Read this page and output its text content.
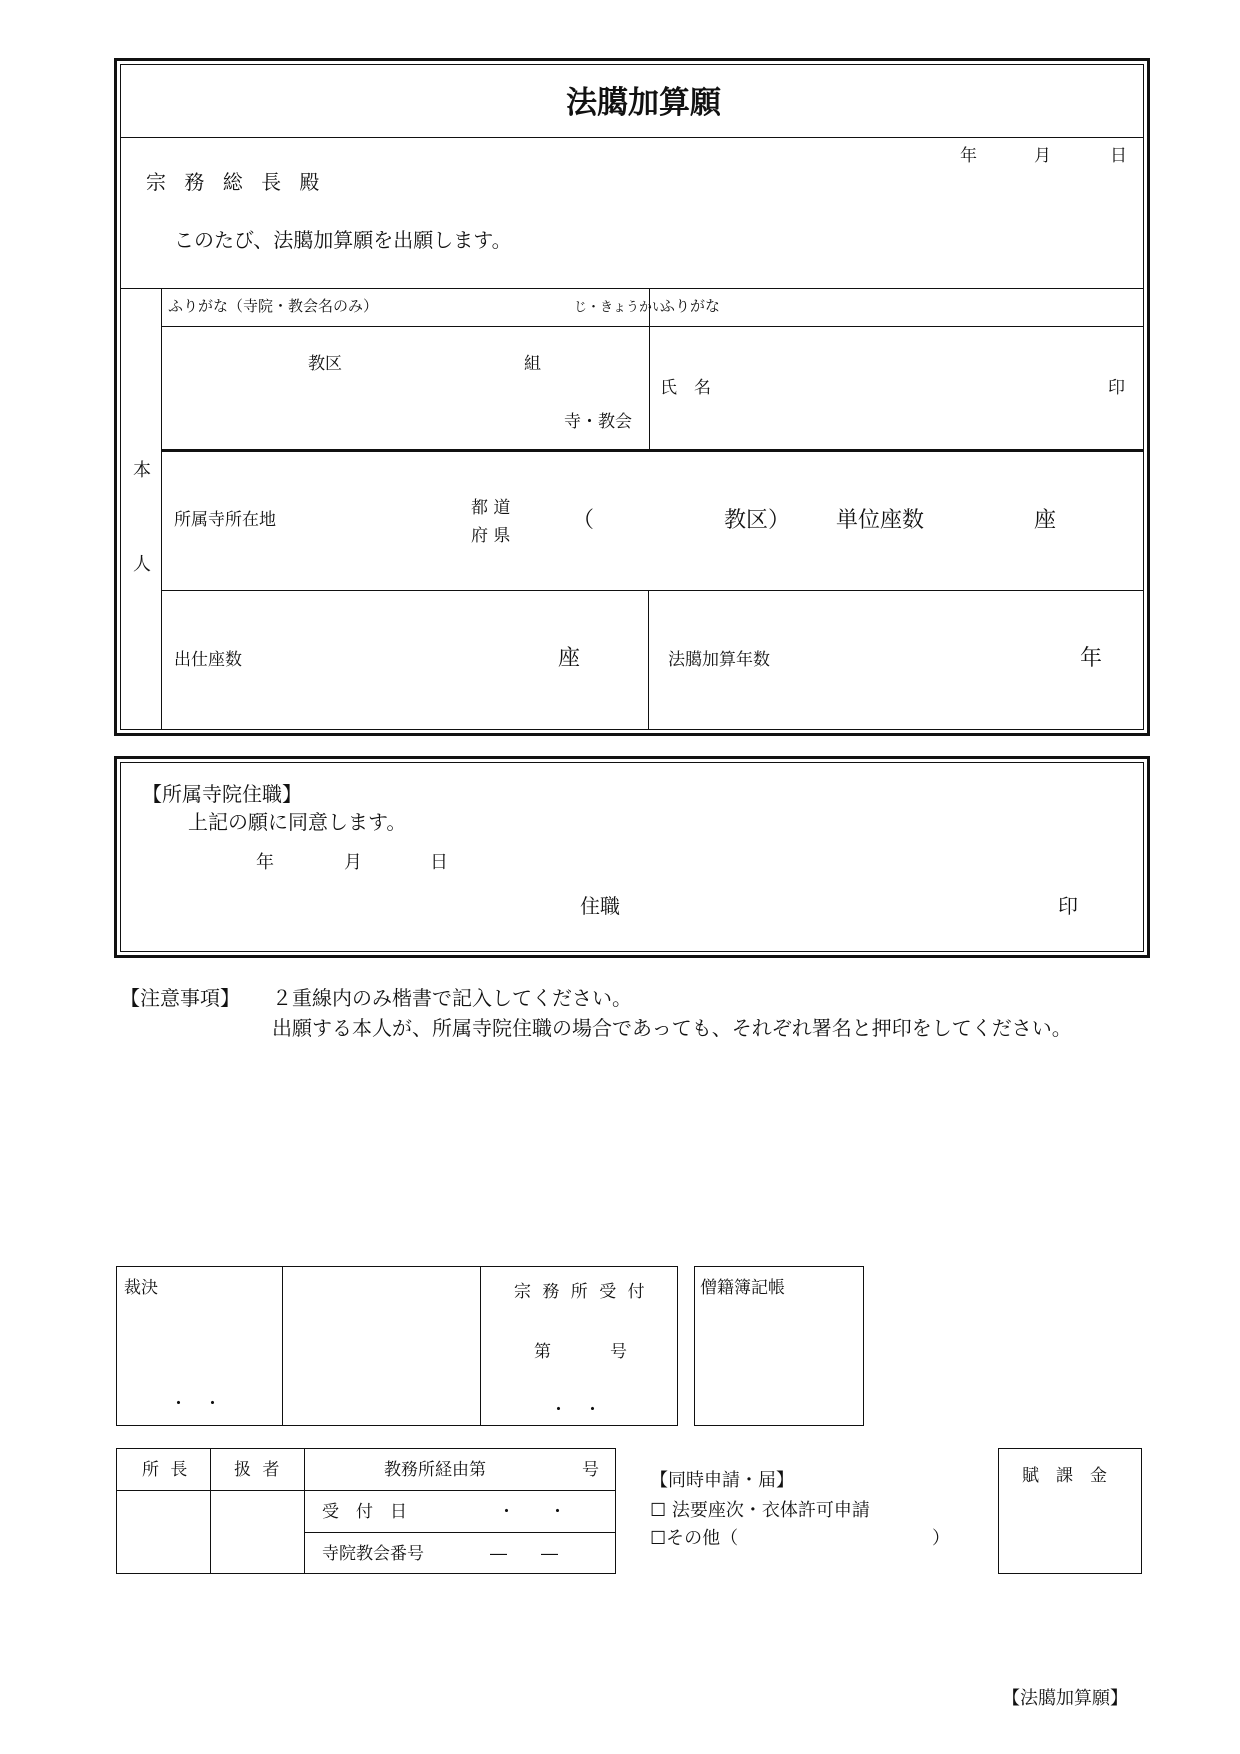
法臈加算願
年	月	日
宗 務 総 長 殿
このたび、法臈加算願を出願します。
本
人
ふりがな（寺院・教会名のみ）	じ・きょうかい
ふりがな
教区	組
寺・教会
氏　名	印
所属寺所在地
都 道
府 県
（	教区） 単位座数	座
出仕座数	座	法臈加算年数	年
【所属寺院住職】
上記の願に同意します。
年	月	日
住職	印
【注意事項】 ２重線内のみ楷書で記入してください。
出願する本人が、所属寺院住職の場合であっても、それぞれ署名と押印をしてください。
裁決
・　・
宗 務 所 受 付
第	号
・　・
僧籍簿記帳
所 長	扱 者	教務所経由第	号
受　付　日	・　　・
寺院教会番号	―　　―
【同時申請・届】
☐ 法要座次・衣体許可申請
☐その他（	）
賦　課　金
【法臈加算願】
